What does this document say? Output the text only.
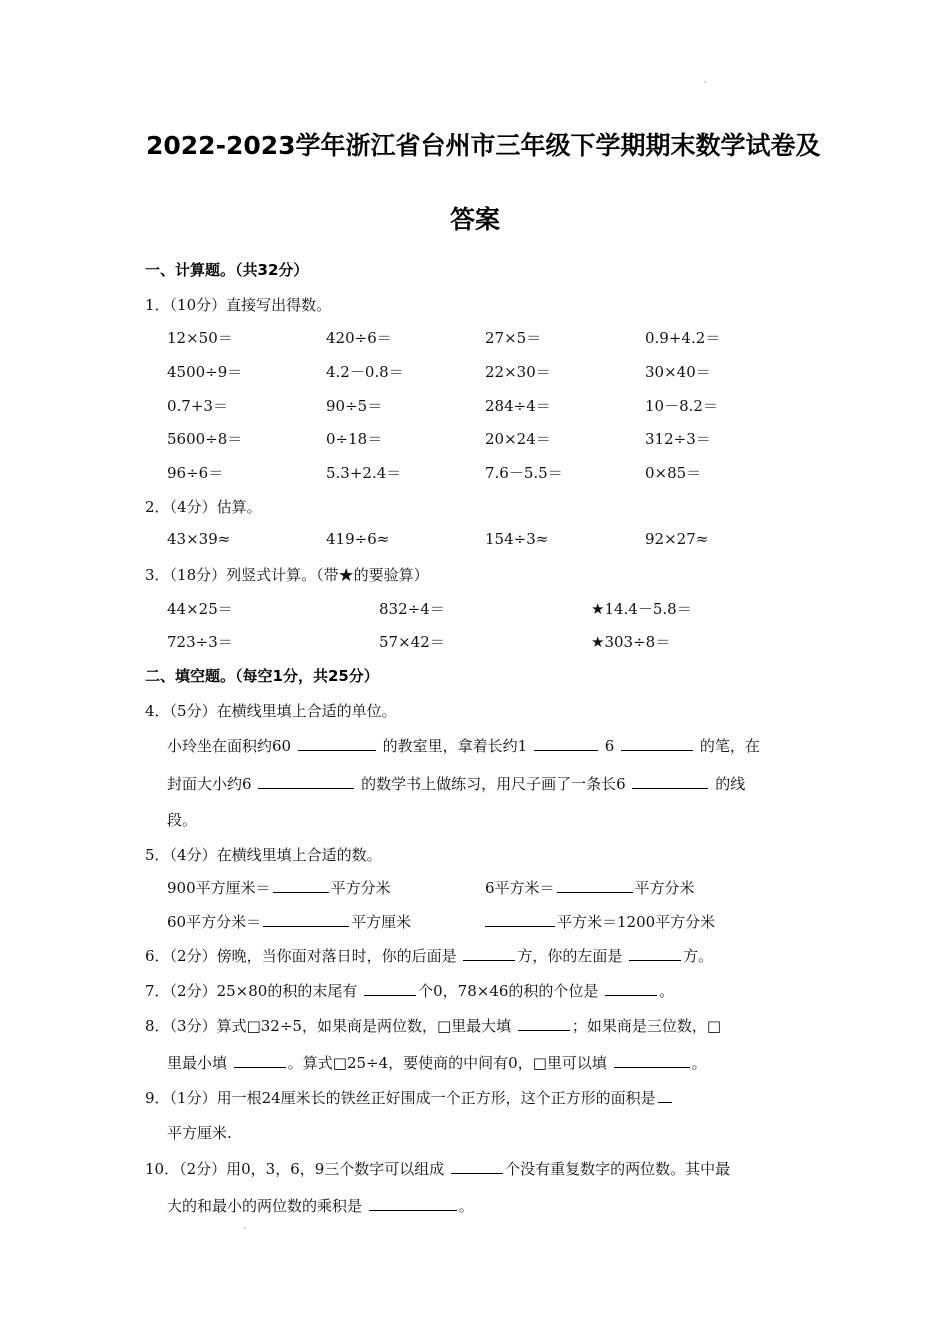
˛
˛
2022-2023学年浙江省台州市三年级下学期期末数学试卷及
答案
一、计算题。（共32分）
1．（10分）直接写出得数。
12×50＝	420÷6＝	27×5＝	0.9+4.2＝
4500÷9＝	4.2－0.8＝	22×30＝	30×40＝
0.7+3＝	90÷5＝	284÷4＝	10－8.2＝
5600÷8＝	0÷18＝	20×24＝	312÷3＝
96÷6＝	5.3+2.4＝	7.6－5.5＝	0×85＝
2．（4分）估算。
43×39≈	419÷6≈	154÷3≈	92×27≈
3．（18分）列竖式计算。（带★的要验算）
44×25＝	832÷4＝	★14.4－5.8＝
723÷3＝	57×42＝	★303÷8＝
二、填空题。（每空1分，共25分）
4．（5分）在横线里填上合适的单位。
小玲坐在面积约60	的教室里，拿着长约1	6	的笔，在
封面大小约6	的数学书上做练习，用尺子画了一条长6	的线
段。
5．（4分）在横线里填上合适的数。
900平方厘米＝	平方分米	6平方米＝	平方分米
60平方分米＝	平方厘米	平方米＝1200平方分米
6．（2分）傍晚，当你面对落日时，你的后面是	方，你的左面是	方。
7．（2分）25×80的积的末尾有	个0，78×46的积的个位是	。
8．（3分）算式□32÷5，如果商是两位数，□里最大填	；如果商是三位数，□
里最小填	。算式□25÷4，要使商的中间有0，□里可以填	。
9．（1分）用一根24厘米长的铁丝正好围成一个正方形，这个正方形的面积是
平方厘米.
10．（2分）用0，3，6，9三个数字可以组成	个没有重复数字的两位数。其中最
大的和最小的两位数的乘积是	。
